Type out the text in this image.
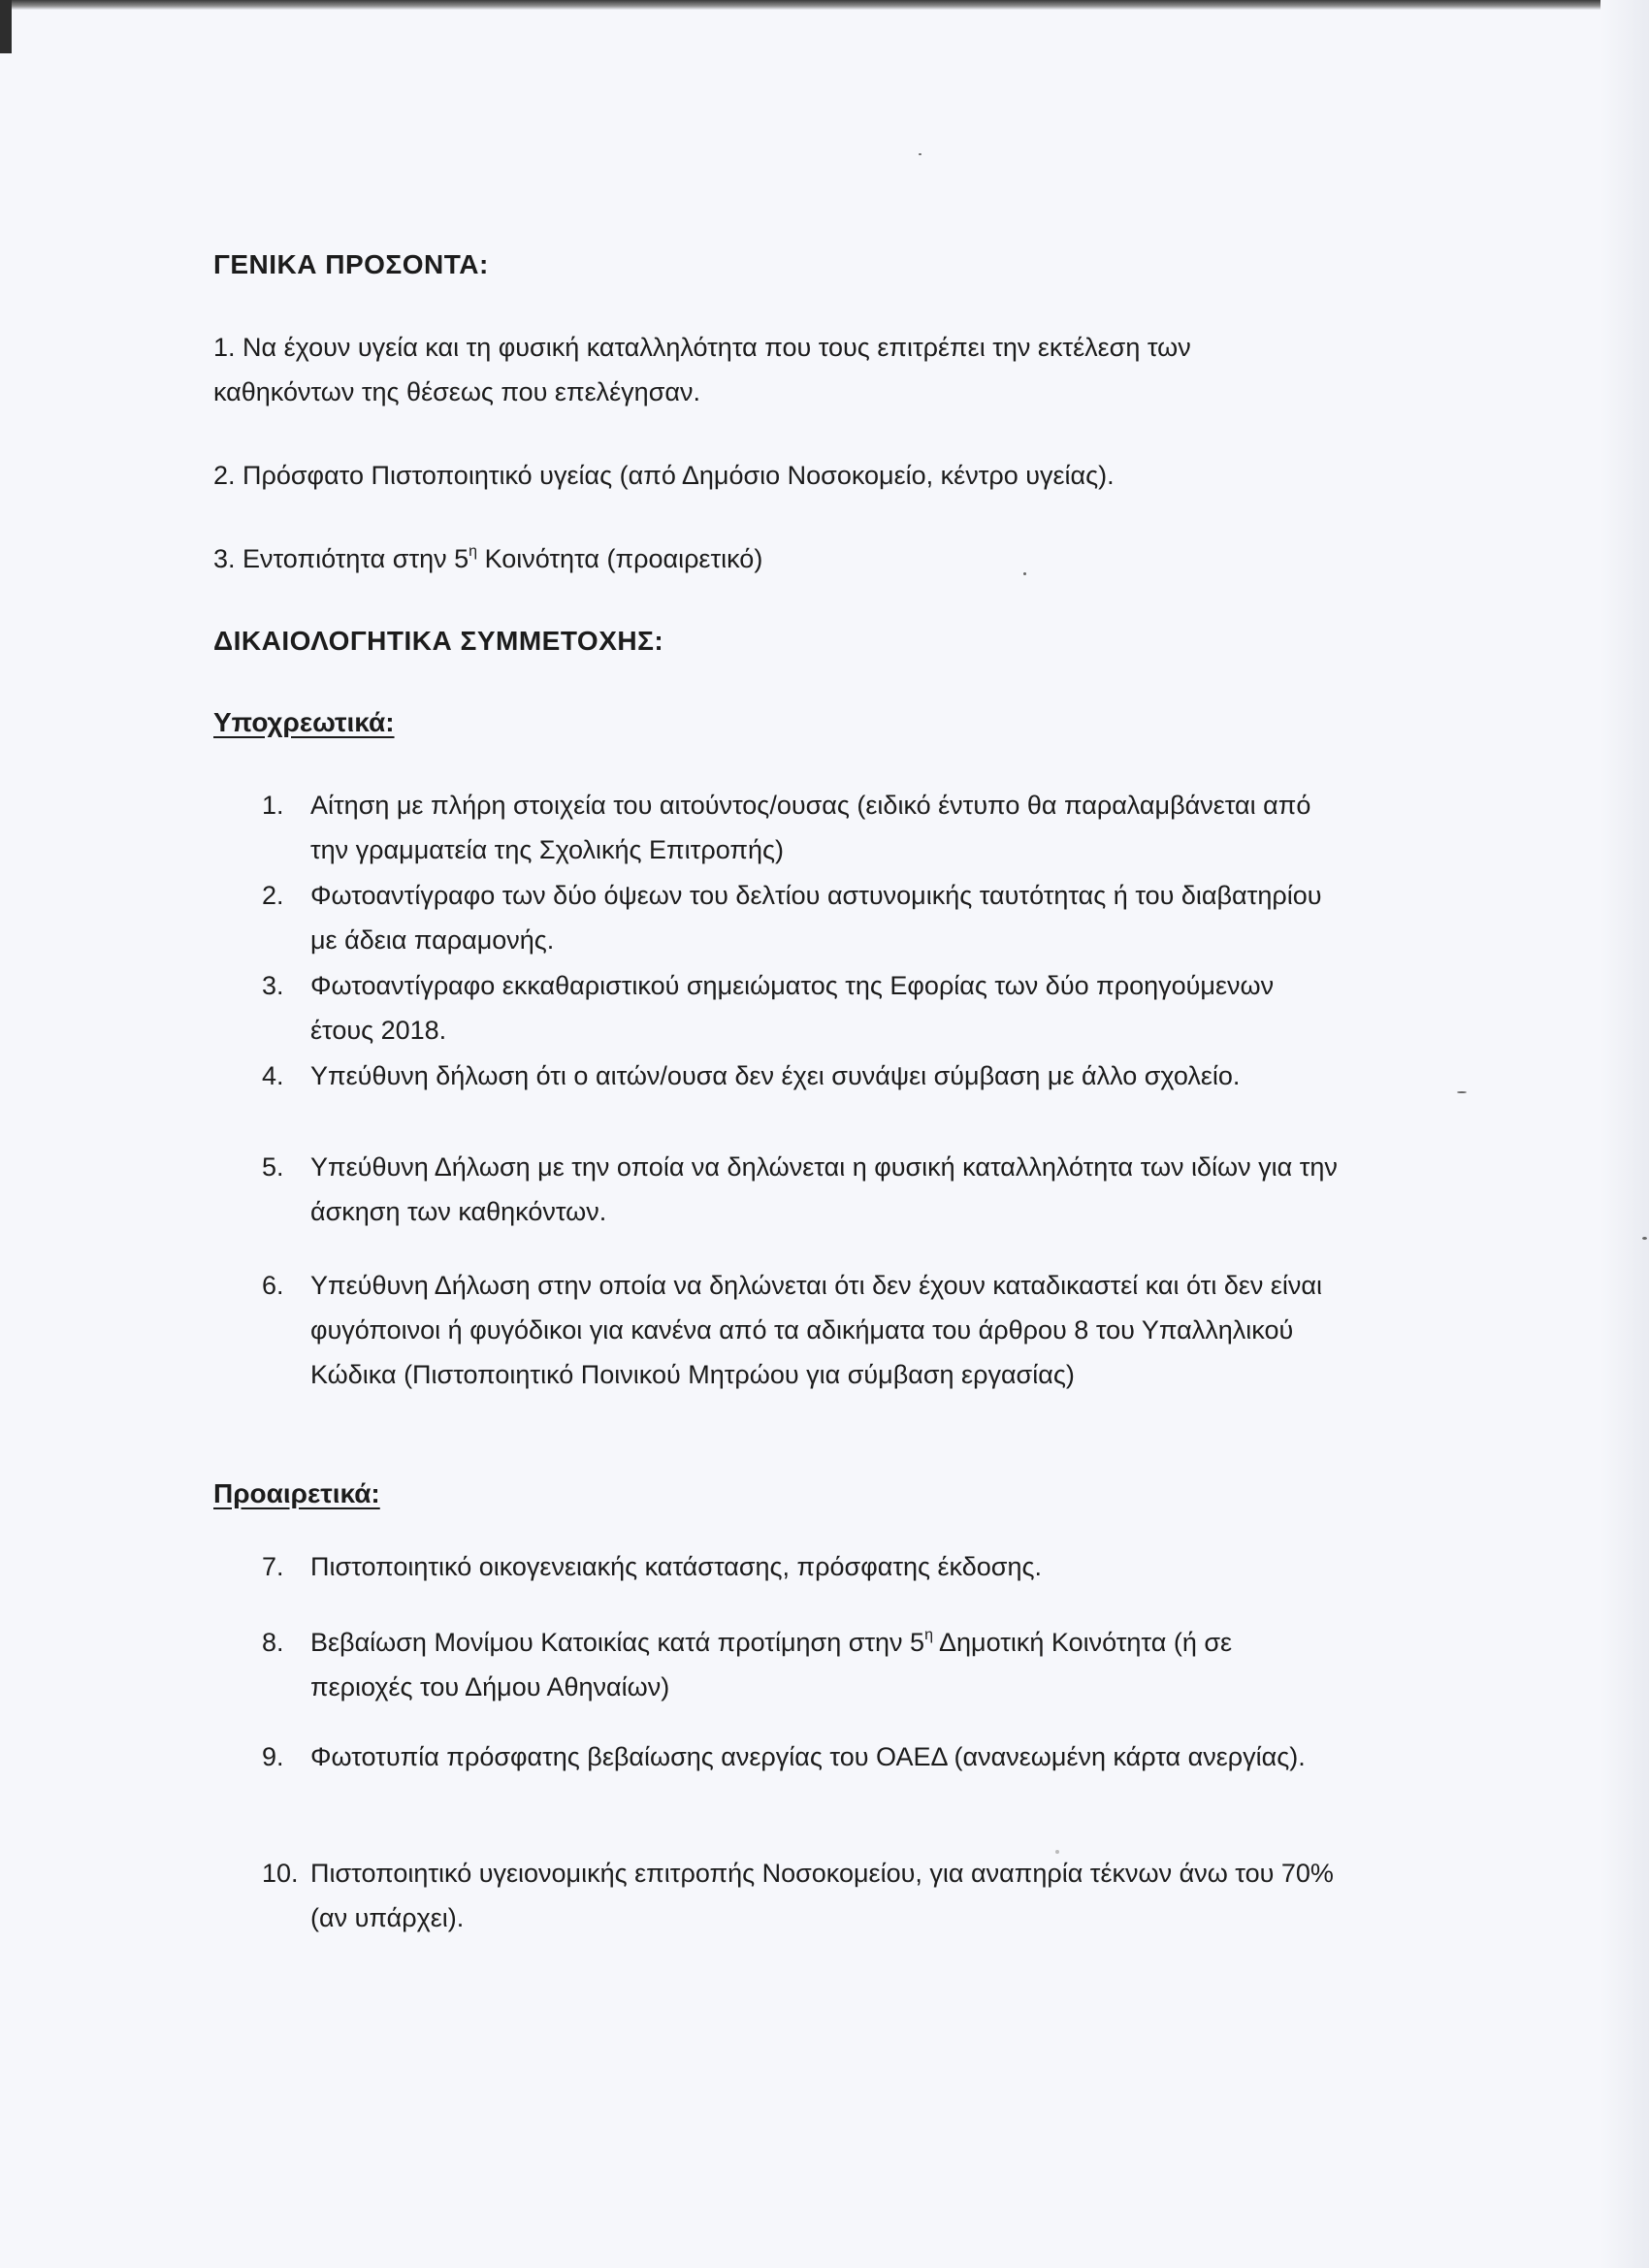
ΓΕΝΙΚΑ ΠΡΟΣΟΝΤΑ:
1. Να έχουν υγεία και τη φυσική καταλληλότητα που τους επιτρέπει την εκτέλεση των καθηκόντων της θέσεως που επελέγησαν.
2. Πρόσφατο Πιστοποιητικό υγείας (από Δημόσιο Νοσοκομείο, κέντρο υγείας).
3. Εντοπιότητα στην $5^\eta$ Κοινότητα (προαιρετικό)
ΔΙΚΑΙΟΛΟΓΗΤΙΚΑ ΣΥΜΜΕΤΟΧΗΣ:
Υποχρεωτικά:
1.	Αίτηση με πλήρη στοιχεία του αιτούντος/ουσας (ειδικό έντυπο θα παραλαμβάνεται από την γραμματεία της Σχολικής Επιτροπής)
2.	Φωτοαντίγραφο των δύο όψεων του δελτίου αστυνομικής ταυτότητας ή του διαβατηρίου με άδεια παραμονής.
3.	Φωτοαντίγραφο εκκαθαριστικού σημειώματος της Εφορίας των δύο προηγούμενων έτους 2018.
4.	Υπεύθυνη δήλωση ότι ο αιτών/ουσα δεν έχει συνάψει σύμβαση με άλλο σχολείο.
5.	Υπεύθυνη Δήλωση με την οποία να δηλώνεται η φυσική καταλληλότητα των ιδίων για την άσκηση των καθηκόντων.
6.	Υπεύθυνη Δήλωση στην οποία να δηλώνεται ότι δεν έχουν καταδικαστεί και ότι δεν είναι φυγόποινοι ή φυγόδικοι για κανένα από τα αδικήματα του άρθρου 8 του Υπαλληλικού Κώδικα (Πιστοποιητικό Ποινικού Μητρώου για σύμβαση εργασίας)
Προαιρετικά:
7.	Πιστοποιητικό οικογενειακής κατάστασης, πρόσφατης έκδοσης.
8.	Βεβαίωση Μονίμου Κατοικίας κατά προτίμηση στην $5^\eta$ Δημοτική Κοινότητα (ή σε περιοχές του Δήμου Αθηναίων)
9.	Φωτοτυπία πρόσφατης βεβαίωσης ανεργίας του ΟΑΕΔ (ανανεωμένη κάρτα ανεργίας).
10. Πιστοποιητικό υγειονομικής επιτροπής Νοσοκομείου, για αναπηρία τέκνων άνω του 70% (αν υπάρχει).
